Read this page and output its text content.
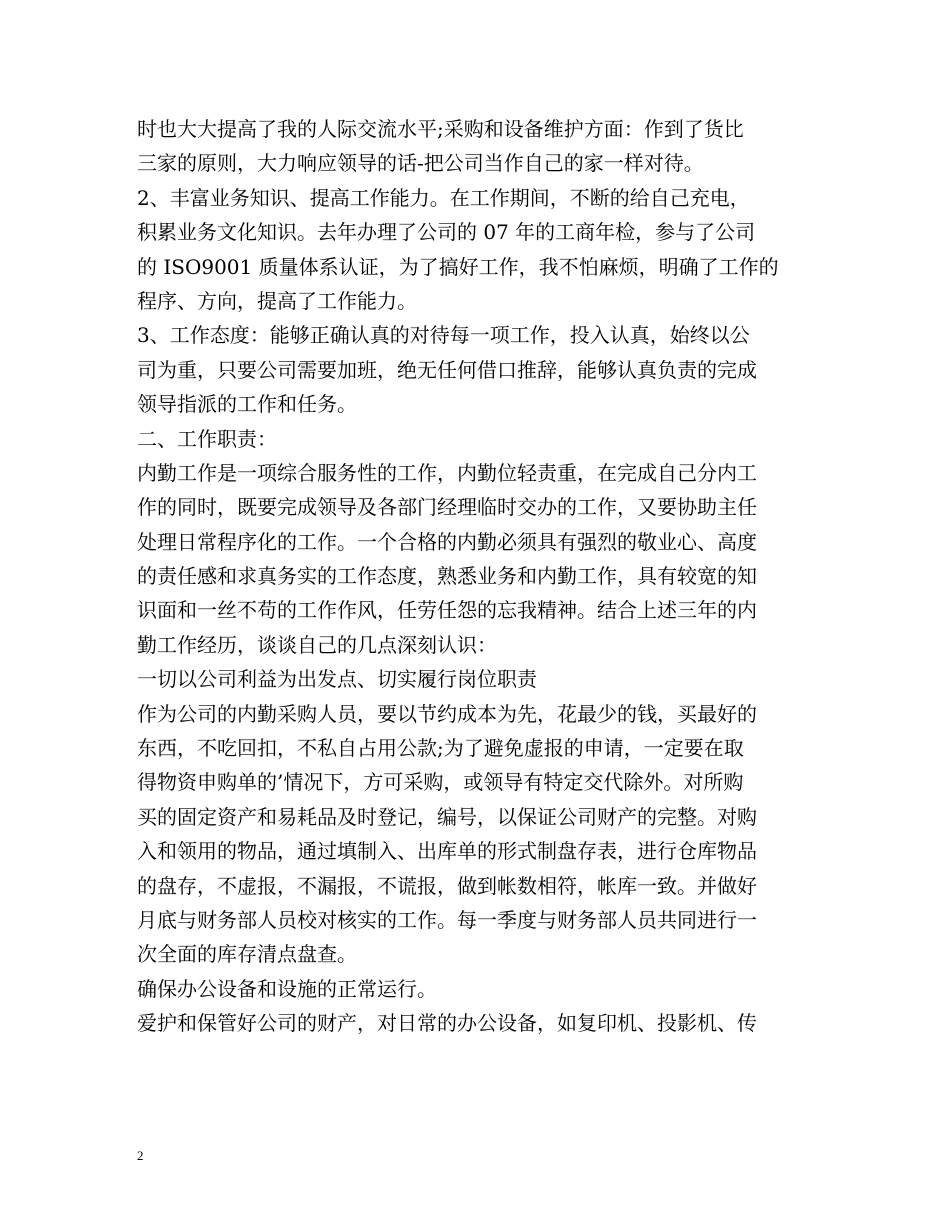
时也大大提高了我的人际交流水平;采购和设备维护方面：作到了货比
三家的原则，大力响应领导的话-把公司当作自己的家一样对待。
2、丰富业务知识、提高工作能力。在工作期间，不断的给自己充电，
积累业务文化知识。去年办理了公司的 07 年的工商年检，参与了公司
的 ISO9001 质量体系认证，为了搞好工作，我不怕麻烦，明确了工作的
程序、方向，提高了工作能力。
3、工作态度：能够正确认真的对待每一项工作，投入认真，始终以公
司为重，只要公司需要加班，绝无任何借口推辞，能够认真负责的完成
领导指派的工作和任务。
二、工作职责：
内勤工作是一项综合服务性的工作，内勤位轻责重，在完成自己分内工
作的同时，既要完成领导及各部门经理临时交办的工作，又要协助主任
处理日常程序化的工作。一个合格的内勤必须具有强烈的敬业心、高度
的责任感和求真务实的工作态度，熟悉业务和内勤工作，具有较宽的知
识面和一丝不苟的工作作风，任劳任怨的忘我精神。结合上述三年的内
勤工作经历，谈谈自己的几点深刻认识：
一切以公司利益为出发点、切实履行岗位职责
作为公司的内勤采购人员，要以节约成本为先，花最少的钱，买最好的
东西，不吃回扣，不私自占用公款;为了避免虚报的申请，一定要在取
得物资申购单的’情况下，方可采购，或领导有特定交代除外。对所购
买的固定资产和易耗品及时登记，编号，以保证公司财产的完整。对购
入和领用的物品，通过填制入、出库单的形式制盘存表，进行仓库物品
的盘存，不虚报，不漏报，不谎报，做到帐数相符，帐库一致。并做好
月底与财务部人员校对核实的工作。每一季度与财务部人员共同进行一
次全面的库存清点盘查。
确保办公设备和设施的正常运行。
爱护和保管好公司的财产，对日常的办公设备，如复印机、投影机、传
2
